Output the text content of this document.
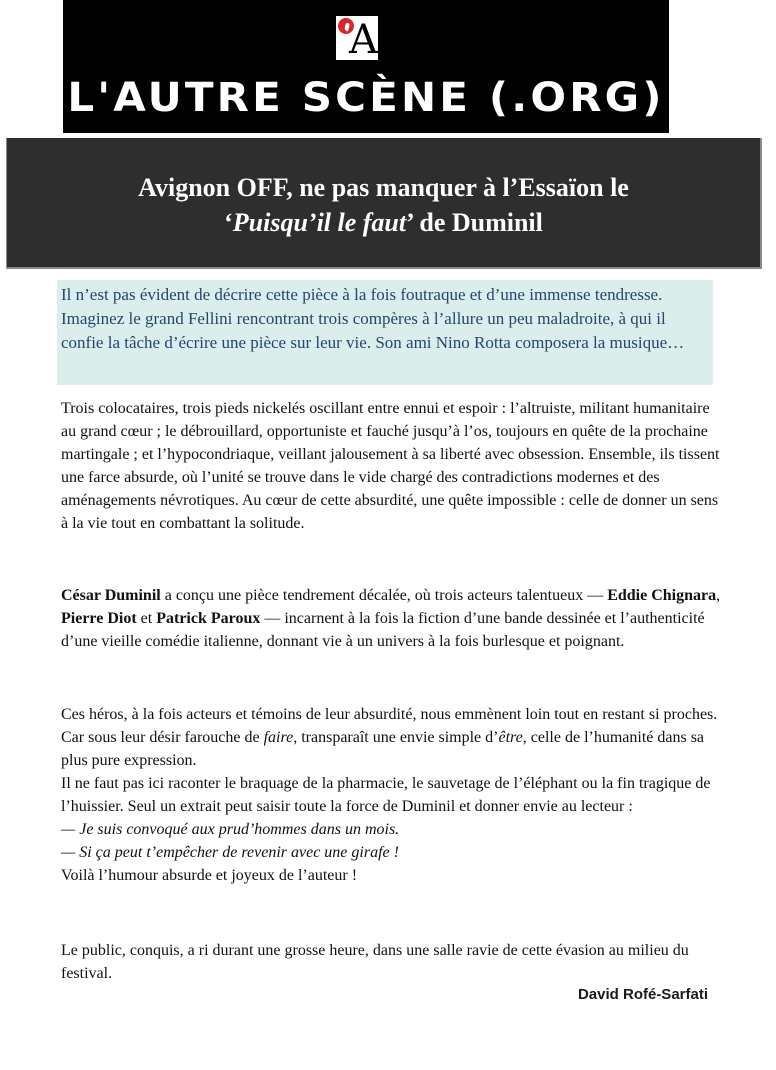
A
L'AUTRE SCÈNE (.ORG)
Avignon OFF, ne pas manquer à l’Essaïon le
‘Puisqu’il le faut’ de Duminil
Il n’est pas évident de décrire cette pièce à la fois foutraque et d’une immense tendresse. Imaginez le grand Fellini rencontrant trois compères à l’allure un peu maladroite, à qui il confie la tâche d’écrire une pièce sur leur vie. Son ami Nino Rotta composera la musique…
Trois colocataires, trois pieds nickelés oscillant entre ennui et espoir : l’altruiste, militant humanitaire au grand cœur ; le débrouillard, opportuniste et fauché jusqu’à l’os, toujours en quête de la prochaine martingale ; et l’hypocondriaque, veillant jalousement à sa liberté avec obsession. Ensemble, ils tissent une farce absurde, où l’unité se trouve dans le vide chargé des contradictions modernes et des aménagements névrotiques. Au cœur de cette absurdité, une quête impossible : celle de donner un sens à la vie tout en combattant la solitude.
César Duminil a conçu une pièce tendrement décalée, où trois acteurs talentueux — Eddie Chignara, Pierre Diot et Patrick Paroux — incarnent à la fois la fiction d’une bande dessinée et l’authenticité d’une vieille comédie italienne, donnant vie à un univers à la fois burlesque et poignant.
Ces héros, à la fois acteurs et témoins de leur absurdité, nous emmènent loin tout en restant si proches. Car sous leur désir farouche de faire, transparaît une envie simple d’être, celle de l’humanité dans sa plus pure expression.
Il ne faut pas ici raconter le braquage de la pharmacie, le sauvetage de l’éléphant ou la fin tragique de l’huissier. Seul un extrait peut saisir toute la force de Duminil et donner envie au lecteur :
— Je suis convoqué aux prud’hommes dans un mois.
— Si ça peut t’empêcher de revenir avec une girafe !
Voilà l’humour absurde et joyeux de l’auteur !
Le public, conquis, a ri durant une grosse heure, dans une salle ravie de cette évasion au milieu du festival.
David Rofé-Sarfati
